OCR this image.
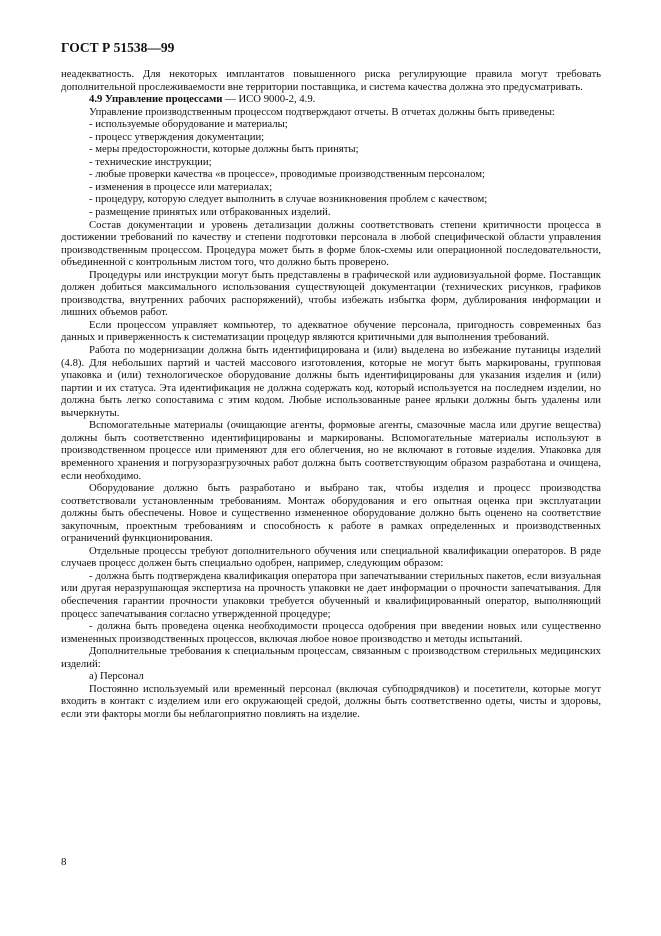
ГОСТ Р 51538—99

неадекватность. Для некоторых имплантатов повышенного риска регулирующие правила могут требовать дополнительной прослеживаемости вне территории поставщика, и система качества должна это предусматривать.

4.9 Управление процессами — ИСО 9000-2, 4.9.

Управление производственным процессом подтверждают отчеты. В отчетах должны быть приведены:

- используемые оборудование и материалы;

- процесс утверждения документации;

- меры предосторожности, которые должны быть приняты;

- технические инструкции;

- любые проверки качества «в процессе», проводимые производственным персоналом;

- изменения в процессе или материалах;

- процедуру, которую следует выполнить в случае возникновения проблем с качеством;

- размещение принятых или отбракованных изделий.

Состав документации и уровень детализации должны соответствовать степени критичности процесса в достижении требований по качеству и степени подготовки персонала в любой специфической области управления производственным процессом. Процедура может быть в форме блок-схемы или операционной последовательности, объединенной с контрольным листом того, что должно быть проверено.

Процедуры или инструкции могут быть представлены в графической или аудиовизуальной форме. Поставщик должен добиться максимального использования существующей документации (технических рисунков, графиков производства, внутренних рабочих распоряжений), чтобы избежать избытка форм, дублирования информации и лишних объемов работ.

Если процессом управляет компьютер, то адекватное обучение персонала, пригодность современных баз данных и приверженность к систематизации процедур являются критичными для выполнения требований.

Работа по модернизации должна быть идентифицирована и (или) выделена во избежание путаницы изделий (4.8). Для небольших партий и частей массового изготовления, которые не могут быть маркированы, групповая упаковка и (или) технологическое оборудование должны быть идентифицированы для указания изделия и (или) партии и их статуса. Эта идентификация не должна содержать код, который используется на последнем изделии, но должна быть легко сопоставима с этим кодом. Любые использованные ранее ярлыки должны быть удалены или вычеркнуты.

Вспомогательные материалы (очищающие агенты, формовые агенты, смазочные масла или другие вещества) должны быть соответственно идентифицированы и маркированы. Вспомогательные материалы используют в производственном процессе или применяют для его облегчения, но не включают в готовые изделия. Упаковка для временного хранения и погрузоразгрузочных работ должна быть соответствующим образом разработана и очищена, если необходимо.

Оборудование должно быть разработано и выбрано так, чтобы изделия и процесс производства соответствовали установленным требованиям. Монтаж оборудования и его опытная оценка при эксплуатации должны быть обеспечены. Новое и существенно измененное оборудование должно быть оценено на соответствие закупочным, проектным требованиям и способность к работе в рамках определенных и производственных ограничений функционирования.

Отдельные процессы требуют дополнительного обучения или специальной квалификации операторов. В ряде случаев процесс должен быть специально одобрен, например, следующим образом:

- должна быть подтверждена квалификация оператора при запечатывании стерильных пакетов, если визуальная или другая неразрушающая экспертиза на прочность упаковки не дает информации о прочности запечатывания. Для обеспечения гарантии прочности упаковки требуется обученный и квалифицированный оператор, выполняющий процесс запечатывания согласно утвержденной процедуре;

- должна быть проведена оценка необходимости процесса одобрения при введении новых или существенно измененных производственных процессов, включая любое новое производство и методы испытаний.

Дополнительные требования к специальным процессам, связанным с производством стерильных медицинских изделий:

а) Персонал

Постоянно используемый или временный персонал (включая субподрядчиков) и посетители, которые могут входить в контакт с изделием или его окружающей средой, должны быть соответственно одеты, чисты и здоровы, если эти факторы могли бы неблагоприятно повлиять на изделие.

8
